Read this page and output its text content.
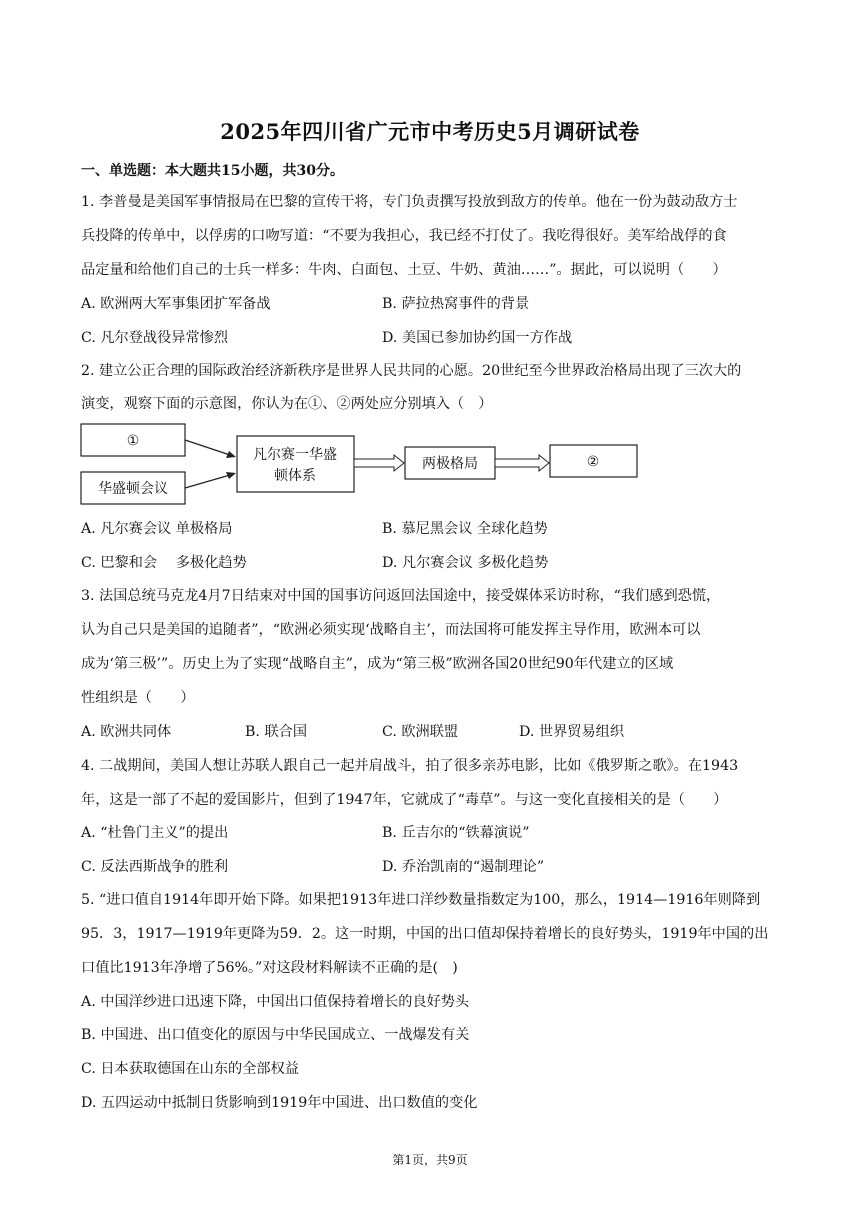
2025年四川省广元市中考历史5月调研试卷
一、单选题：本大题共15小题，共30分。
1. 李普曼是美国军事情报局在巴黎的宣传干将，专门负责撰写投放到敌方的传单。他在一份为鼓动敌方士
兵投降的传单中，以俘虏的口吻写道：“不要为我担心，我已经不打仗了。我吃得很好。美军给战俘的食
品定量和给他们自己的士兵一样多：牛肉、白面包、土豆、牛奶、黄油……”。据此，可以说明（　　）
A. 欧洲两大军事集团扩军备战	B. 萨拉热窝事件的背景
C. 凡尔登战役异常惨烈	D. 美国已参加协约国一方作战
2. 建立公正合理的国际政治经济新秩序是世界人民共同的心愿。20世纪至今世界政治格局出现了三次大的
演变，观察下面的示意图，你认为在①、②两处应分别填入（　）
①
华盛顿会议
凡尔赛一华盛
顿体系
两极格局	②
A. 凡尔赛会议 单极格局	B. 慕尼黑会议 全球化趋势
C. 巴黎和会　 多极化趋势	D. 凡尔赛会议 多极化趋势
3. 法国总统马克龙4月7日结束对中国的国事访问返回法国途中，接受媒体采访时称，“我们感到恐慌，
认为自己只是美国的追随者”，“欧洲必须实现‘战略自主’，而法国将可能发挥主导作用，欧洲本可以
成为‘第三极’”。历史上为了实现“战略自主”，成为“第三极”欧洲各国20世纪90年代建立的区域
性组织是（　　）
A. 欧洲共同体	B. 联合国	C. 欧洲联盟	D. 世界贸易组织
4. 二战期间，美国人想让苏联人跟自己一起并肩战斗，拍了很多亲苏电影，比如《俄罗斯之歌》。在1943
年，这是一部了不起的爱国影片，但到了1947年，它就成了“毒草”。与这一变化直接相关的是（　　）
A. “杜鲁门主义”的提出	B. 丘吉尔的“铁幕演说”
C. 反法西斯战争的胜利	D. 乔治凯南的“遏制理论”
5. “进口值自1914年即开始下降。如果把1913年进口洋纱数量指数定为100，那么，1914—1916年则降到
95．3，1917—1919年更降为59．2。这一时期，中国的出口值却保持着增长的良好势头，1919年中国的出
口值比1913年净增了56%。”对这段材料解读不正确的是(　)
A. 中国洋纱进口迅速下降，中国出口值保持着增长的良好势头
B. 中国进、出口值变化的原因与中华民国成立、一战爆发有关
C. 日本获取德国在山东的全部权益
D. 五四运动中抵制日货影响到1919年中国进、出口数值的变化
第1页，共9页
